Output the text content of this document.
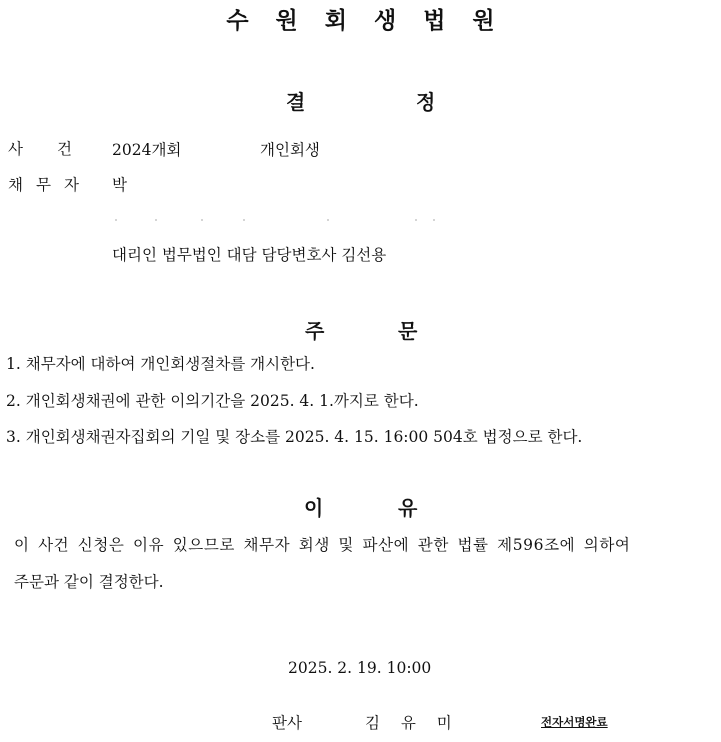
수원회생법원
결	정
사건 2024개회	개인회생
채무자 박
대리인 법무법인 대담 담당변호사 김선용
주	문
1. 채무자에 대하여 개인회생절차를 개시한다.
2. 개인회생채권에 관한 이의기간을 2025. 4. 1.까지로 한다.
3. 개인회생채권자집회의 기일 및 장소를 2025. 4. 15. 16:00 504호 법정으로 한다.
이	유
이 사건 신청은 이유 있으므로 채무자 회생 및 파산에 관한 법률 제596조에 의하여
주문과 같이 결정한다.
2025. 2. 19. 10:00
판사	김 유 미	전자서명완료
